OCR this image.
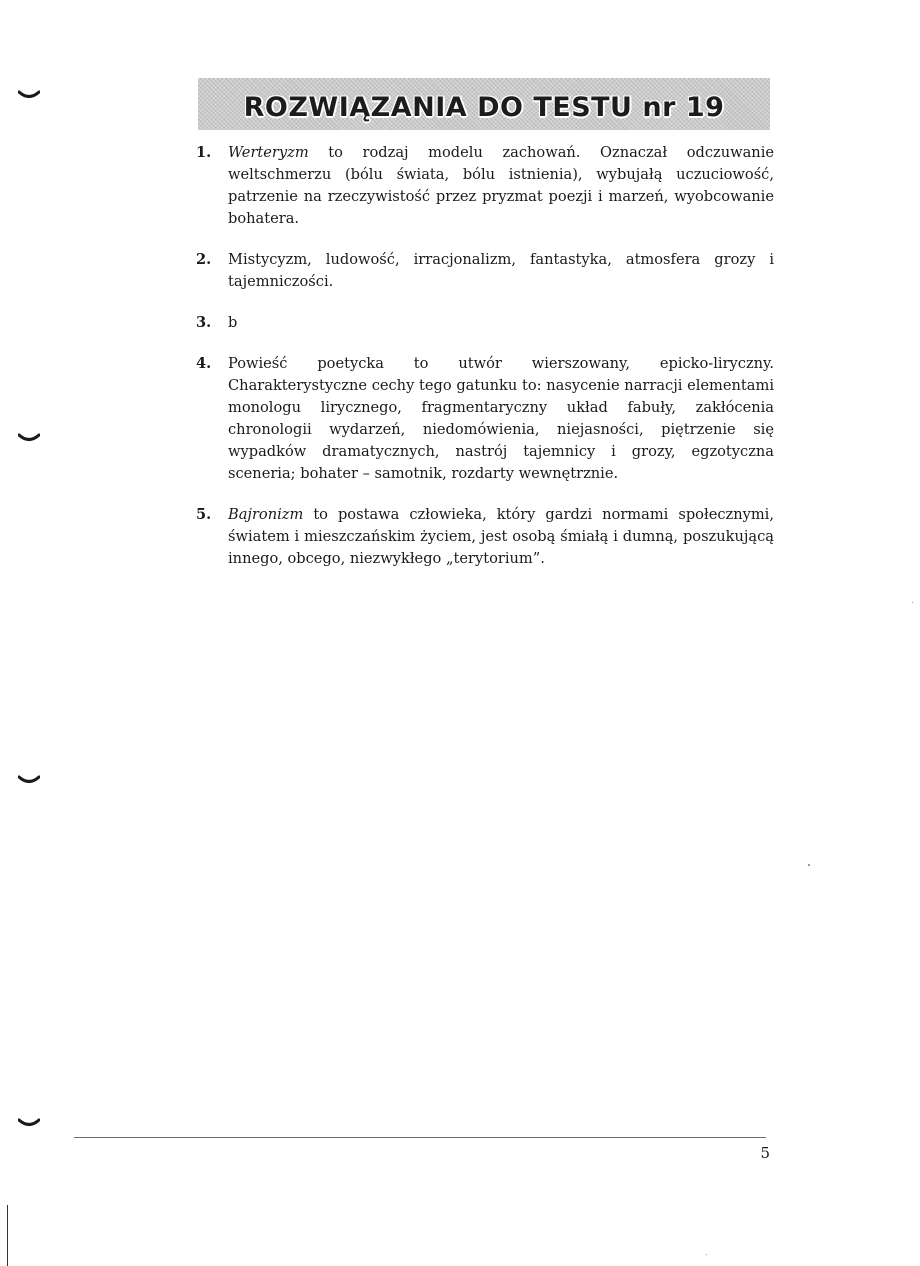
ROZWIĄZANIA DO TESTU nr 19
1.	Werteryzm to rodzaj modelu zachowań. Oznaczał odczuwanie weltschmerzu (bólu świata, bólu istnienia), wybujałą uczuciowość, patrzenie na rzeczywistość przez pryzmat poezji i marzeń, wyobcowanie bohatera.
2.	Mistycyzm, ludowość, irracjonalizm, fantastyka, atmosfera grozy i tajemniczości.
3.	b
4.	Powieść poetycka to utwór wierszowany, epicko-liryczny. Charakterystyczne cechy tego gatunku to: nasycenie narracji elementami monologu lirycznego, fragmentaryczny układ fabuły, zakłócenia chronologii wydarzeń, niedomówienia, niejasności, piętrzenie się wypadków dramatycznych, nastrój tajemnicy i grozy, egzotyczna sceneria; bohater – samotnik, rozdarty wewnętrznie.
5.	Bajronizm to postawa człowieka, który gardzi normami społecznymi, światem i mieszczańskim życiem, jest osobą śmiałą i dumną, poszukującą innego, obcego, niezwykłego „terytorium”.
5
